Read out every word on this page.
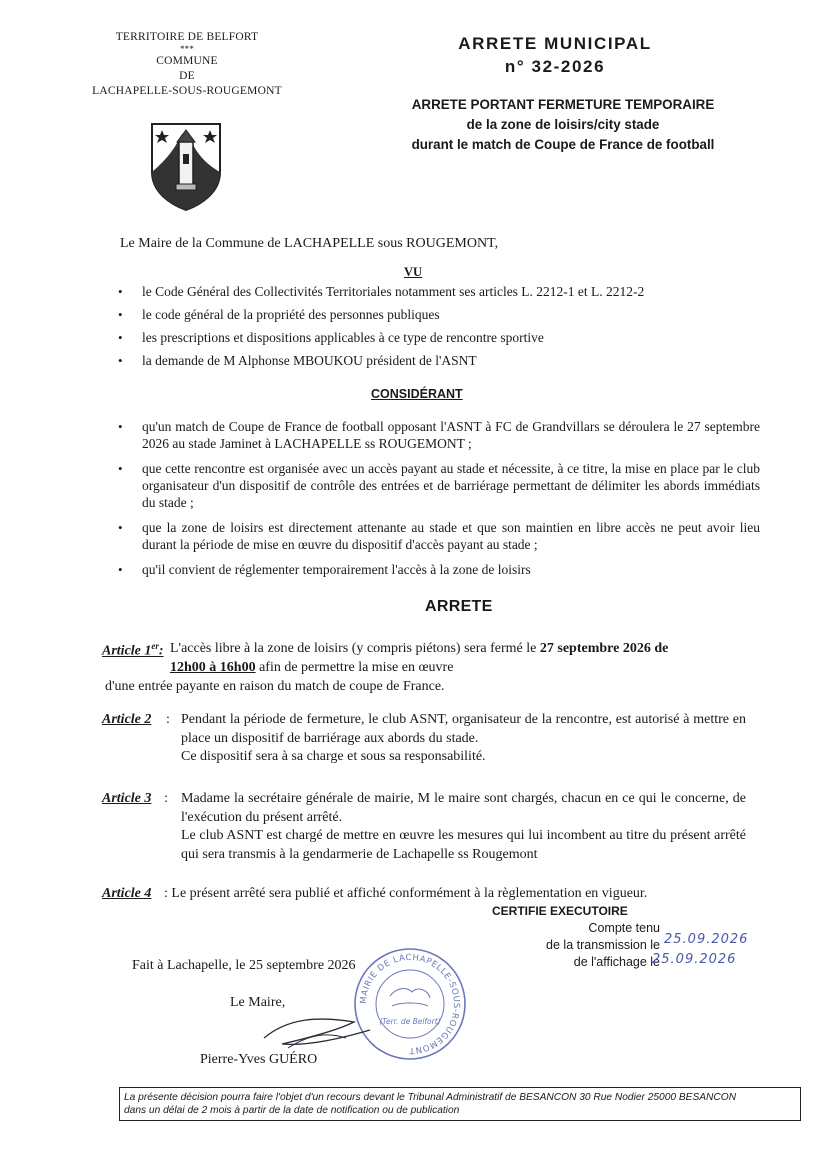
TERRITOIRE DE BELFORT
***
COMMUNE
DE
LACHAPELLE-SOUS-ROUGEMONT
ARRETE MUNICIPAL
n° 32-2026
ARRETE PORTANT FERMETURE TEMPORAIRE
de la zone de loisirs/city stade
durant le match de Coupe de France de football
Le Maire de la Commune de LACHAPELLE sous ROUGEMONT,
VU
• le Code Général des Collectivités Territoriales notamment ses articles L. 2212-1 et L. 2212-2
• le code général de la propriété des personnes publiques
• les prescriptions et dispositions applicables à ce type de rencontre sportive
• la demande de M Alphonse MBOUKOU président de l'ASNT
CONSIDÉRANT
• qu'un match de Coupe de France de football opposant l'ASNT à FC de Grandvillars se déroulera le 27 septembre 2026 au stade Jaminet à LACHAPELLE ss ROUGEMONT ;
• que cette rencontre est organisée avec un accès payant au stade et nécessite, à ce titre, la mise en place par le club organisateur d'un dispositif de contrôle des entrées et de barriérage permettant de délimiter les abords immédiats du stade ;
• que la zone de loisirs est directement attenante au stade et que son maintien en libre accès ne peut avoir lieu durant la période de mise en œuvre du dispositif d'accès payant au stade ;
• qu'il convient de réglementer temporairement l'accès à la zone de loisirs
ARRETE
Article 1er: L'accès libre à la zone de loisirs (y compris piétons) sera fermé le 27 septembre 2026 de
12h00 à 16h00 afin de permettre la mise en œuvre
d'une entrée payante en raison du match de coupe de France.
Article 2 : Pendant la période de fermeture, le club ASNT, organisateur de la rencontre, est autorisé à mettre en place un dispositif de barriérage aux abords du stade.
Ce dispositif sera à sa charge et sous sa responsabilité.
Article 3 : Madame la secrétaire générale de mairie, M le maire sont chargés, chacun en ce qui le concerne, de l'exécution du présent arrêté.
Le club ASNT est chargé de mettre en œuvre les mesures qui lui incombent au titre du présent arrêté qui sera transmis à la gendarmerie de Lachapelle ss Rougemont
Article 4 : Le présent arrêté sera publié et affiché conformément à la règlementation en vigueur.
CERTIFIE EXECUTOIRE
Compte tenu
de la transmission le
de l'affichage le
25.09.2026
25.09.2026
Fait à Lachapelle, le 25 septembre 2026
Le Maire,
Pierre-Yves GUÉRO
MAIRIE DE LACHAPELLE-SOUS-ROUGEMONT
(Terr. de Belfort)
La présente décision pourra faire l'objet d'un recours devant le Tribunal Administratif de BESANCON 30 Rue Nodier 25000 BESANCON
dans un délai de 2 mois à partir de la date de notification ou de publication
